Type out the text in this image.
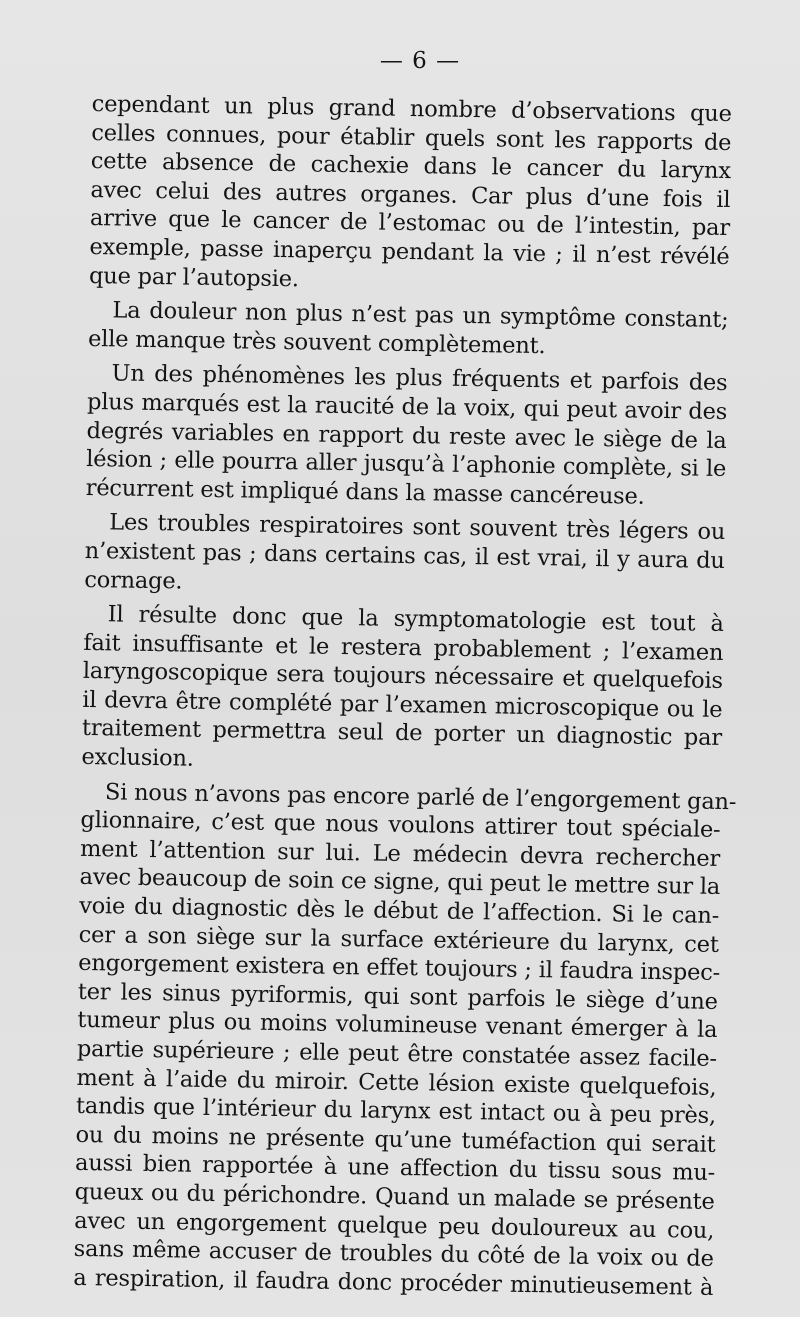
— 6 —
cependant un plus grand nombre d’observations que
celles connues, pour établir quels sont les rapports de
cette absence de cachexie dans le cancer du larynx
avec celui des autres organes. Car plus d’une fois il
arrive que le cancer de l’estomac ou de l’intestin, par
exemple, passe inaperçu pendant la vie ; il n’est révélé
que par l’autopsie.
La douleur non plus n’est pas un symptôme constant;
elle manque très souvent complètement.
Un des phénomènes les plus fréquents et parfois des
plus marqués est la raucité de la voix, qui peut avoir des
degrés variables en rapport du reste avec le siège de la
lésion ; elle pourra aller jusqu’à l’aphonie complète, si le
récurrent est impliqué dans la masse cancéreuse.
Les troubles respiratoires sont souvent très légers ou
n’existent pas ; dans certains cas, il est vrai, il y aura du
cornage.
Il résulte donc que la symptomatologie est tout à
fait insuffisante et le restera probablement ; l’examen
laryngoscopique sera toujours nécessaire et quelquefois
il devra être complété par l’examen microscopique ou le
traitement permettra seul de porter un diagnostic par
exclusion.
Si nous n’avons pas encore parlé de l’engorgement gan-
glionnaire, c’est que nous voulons attirer tout spéciale-
ment l’attention sur lui. Le médecin devra rechercher
avec beaucoup de soin ce signe, qui peut le mettre sur la
voie du diagnostic dès le début de l’affection. Si le can-
cer a son siège sur la surface extérieure du larynx, cet
engorgement existera en effet toujours ; il faudra inspec-
ter les sinus pyriformis, qui sont parfois le siège d’une
tumeur plus ou moins volumineuse venant émerger à la
partie supérieure ; elle peut être constatée assez facile-
ment à l’aide du miroir. Cette lésion existe quelquefois,
tandis que l’intérieur du larynx est intact ou à peu près,
ou du moins ne présente qu’une tuméfaction qui serait
aussi bien rapportée à une affection du tissu sous mu-
queux ou du périchondre. Quand un malade se présente
avec un engorgement quelque peu douloureux au cou,
sans même accuser de troubles du côté de la voix ou de
a respiration, il faudra donc procéder minutieusement à
